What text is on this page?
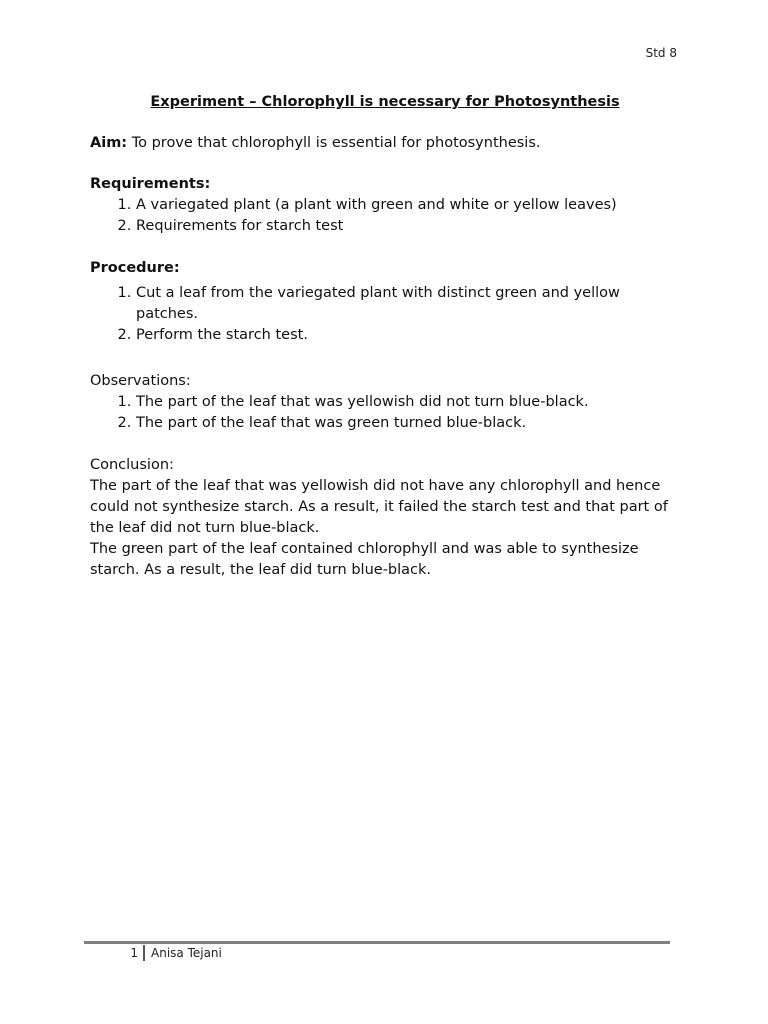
Std 8
Experiment – Chlorophyll is necessary for Photosynthesis
Aim: To prove that chlorophyll is essential for photosynthesis.
Requirements:
1. A variegated plant (a plant with green and white or yellow leaves)
2. Requirements for starch test
Procedure:
1. Cut a leaf from the variegated plant with distinct green and yellow patches.
2. Perform the starch test.
Observations:
1. The part of the leaf that was yellowish did not turn blue-black.
2. The part of the leaf that was green turned blue-black.
Conclusion:
The part of the leaf that was yellowish did not have any chlorophyll and hence could not synthesize starch. As a result, it failed the starch test and that part of the leaf did not turn blue-black.
The green part of the leaf contained chlorophyll and was able to synthesize starch. As a result, the leaf did turn blue-black.
1	Anisa Tejani
